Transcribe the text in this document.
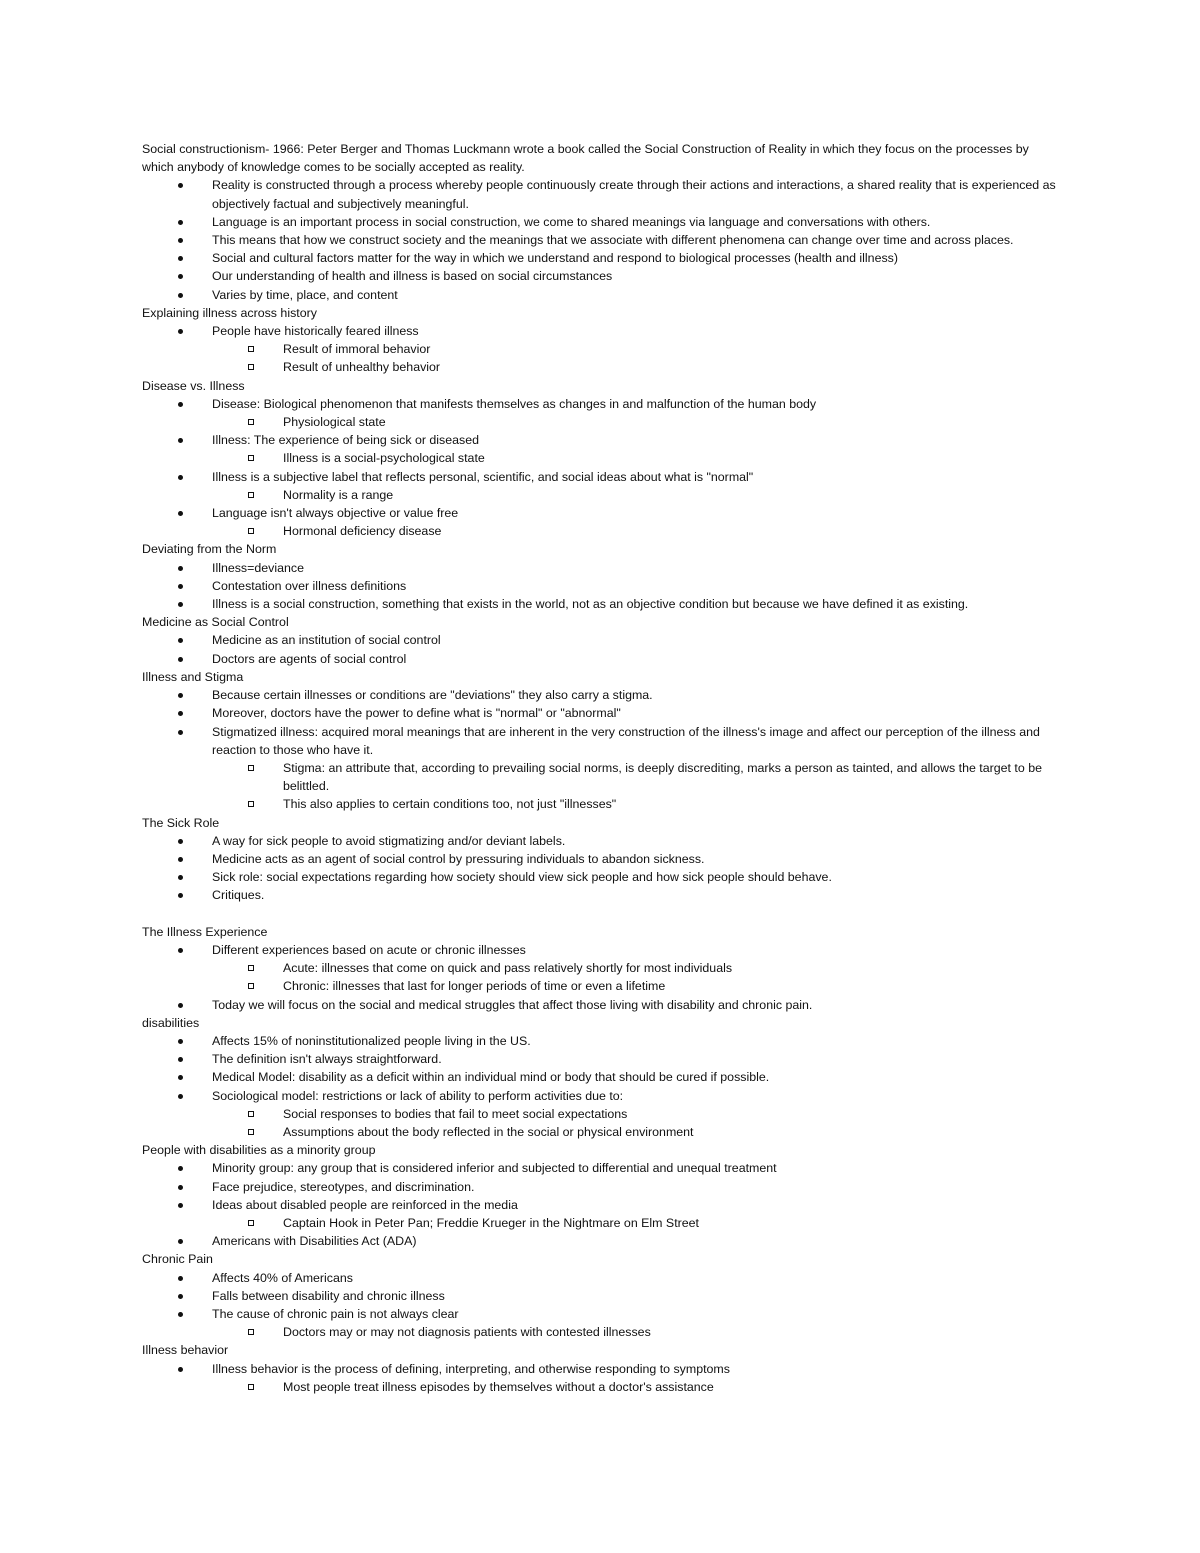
Social constructionism- 1966: Peter Berger and Thomas Luckmann wrote a book called the Social Construction of Reality in which they focus on the processes by which anybody of knowledge comes to be socially accepted as reality.

Reality is constructed through a process whereby people continuously create through their actions and interactions, a shared reality that is experienced as objectively factual and subjectively meaningful.
Language is an important process in social construction, we come to shared meanings via language and conversations with others.
This means that how we construct society and the meanings that we associate with different phenomena can change over time and across places.
Social and cultural factors matter for the way in which we understand and respond to biological processes (health and illness)
Our understanding of health and illness is based on social circumstances
Varies by time, place, and content

Explaining illness across history

People have historically feared illness
Result of immoral behavior
Result of unhealthy behavior

Disease vs. Illness

Disease: Biological phenomenon that manifests themselves as changes in and malfunction of the human body
Physiological state
Illness: The experience of being sick or diseased
Illness is a social-psychological state
Illness is a subjective label that reflects personal, scientific, and social ideas about what is "normal"
Normality is a range
Language isn't always objective or value free
Hormonal deficiency disease

Deviating from the Norm

Illness=deviance
Contestation over illness definitions
Illness is a social construction, something that exists in the world, not as an objective condition but because we have defined it as existing.

Medicine as Social Control

Medicine as an institution of social control
Doctors are agents of social control

Illness and Stigma

Because certain illnesses or conditions are "deviations" they also carry a stigma.
Moreover, doctors have the power to define what is "normal" or "abnormal"
Stigmatized illness: acquired moral meanings that are inherent in the very construction of the illness's image and affect our perception of the illness and reaction to those who have it.
Stigma: an attribute that, according to prevailing social norms, is deeply discrediting, marks a person as tainted, and allows the target to be belittled.
This also applies to certain conditions too, not just "illnesses"

The Sick Role

A way for sick people to avoid stigmatizing and/or deviant labels.
Medicine acts as an agent of social control by pressuring individuals to abandon sickness.
Sick role: social expectations regarding how society should view sick people and how sick people should behave.
Critiques.

The Illness Experience

Different experiences based on acute or chronic illnesses
Acute: illnesses that come on quick and pass relatively shortly for most individuals
Chronic: illnesses that last for longer periods of time or even a lifetime
Today we will focus on the social and medical struggles that affect those living with disability and chronic pain.

disabilities

Affects 15% of noninstitutionalized people living in the US.
The definition isn't always straightforward.
Medical Model: disability as a deficit within an individual mind or body that should be cured if possible.
Sociological model: restrictions or lack of ability to perform activities due to:
Social responses to bodies that fail to meet social expectations
Assumptions about the body reflected in the social or physical environment

People with disabilities as a minority group

Minority group: any group that is considered inferior and subjected to differential and unequal treatment
Face prejudice, stereotypes, and discrimination.
Ideas about disabled people are reinforced in the media
Captain Hook in Peter Pan; Freddie Krueger in the Nightmare on Elm Street
Americans with Disabilities Act (ADA)

Chronic Pain

Affects 40% of Americans
Falls between disability and chronic illness
The cause of chronic pain is not always clear
Doctors may or may not diagnosis patients with contested illnesses

Illness behavior

Illness behavior is the process of defining, interpreting, and otherwise responding to symptoms
Most people treat illness episodes by themselves without a doctor's assistance
